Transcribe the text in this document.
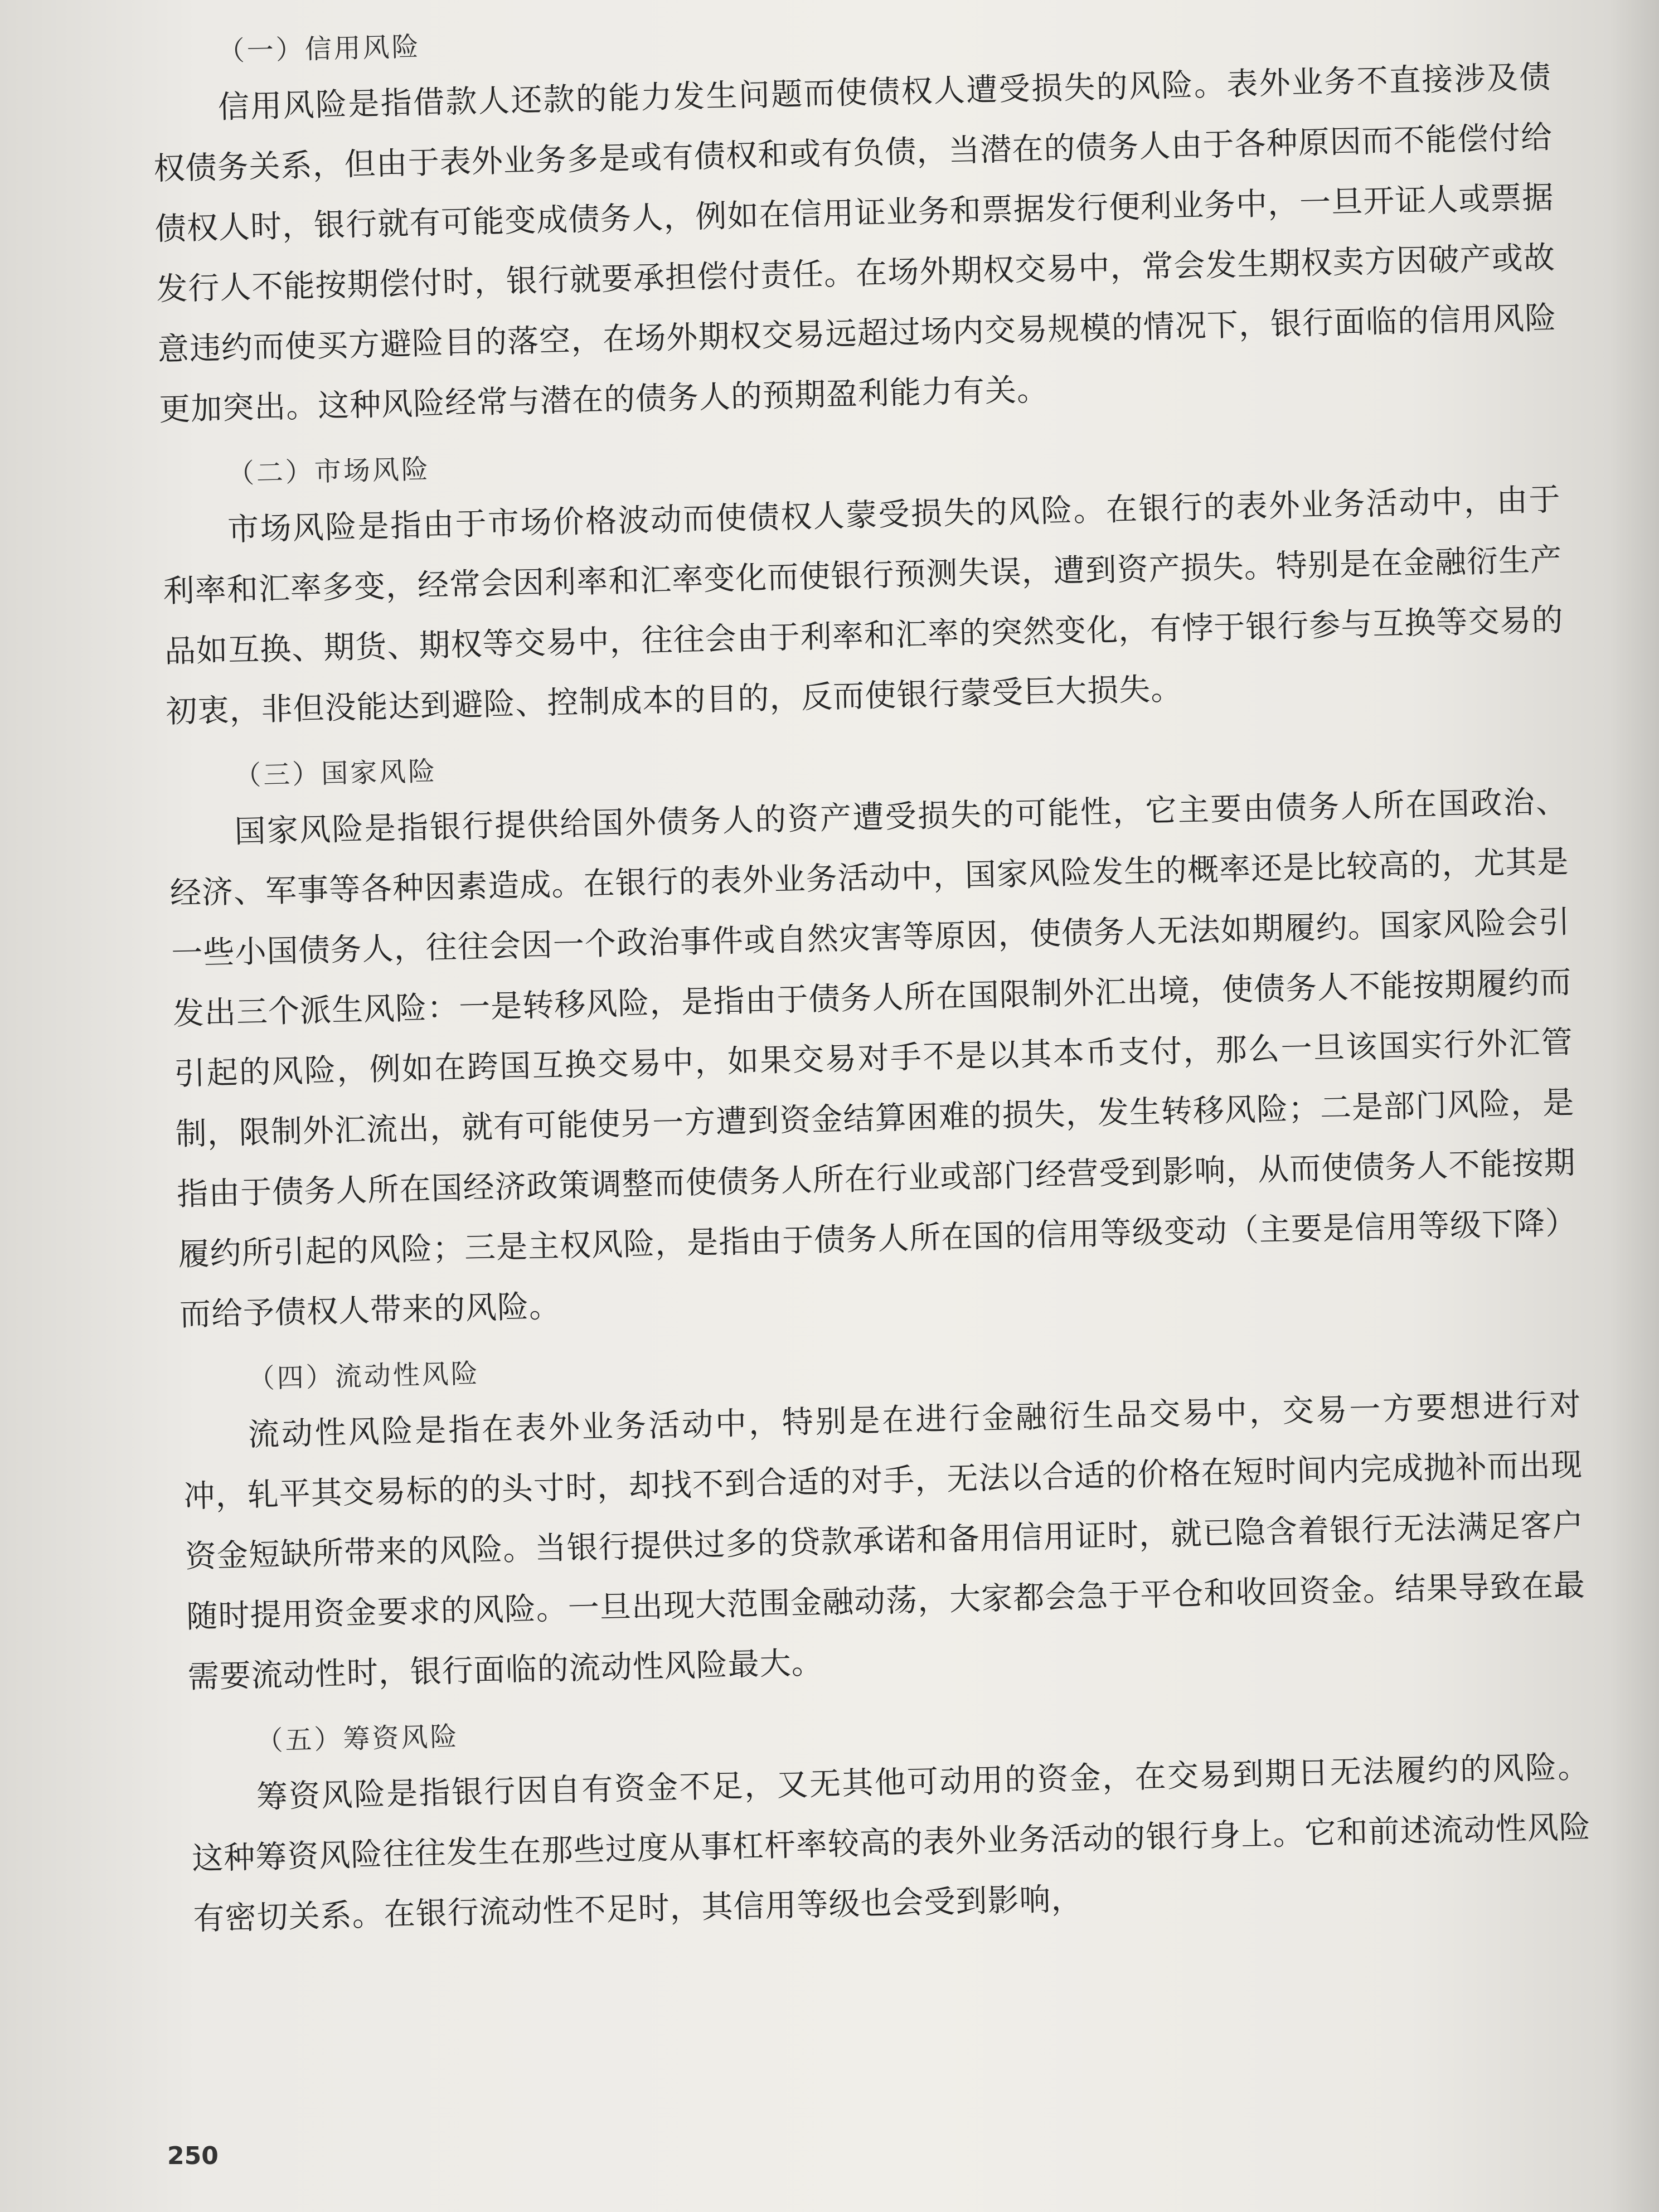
（一）信用风险

信用风险是指借款人还款的能力发生问题而使债权人遭受损失的风险。表外业务不直接涉及债权债务关系，但由于表外业务多是或有债权和或有负债，当潜在的债务人由于各种原因而不能偿付给债权人时，银行就有可能变成债务人，例如在信用证业务和票据发行便利业务中，一旦开证人或票据发行人不能按期偿付时，银行就要承担偿付责任。在场外期权交易中，常会发生期权卖方因破产或故意违约而使买方避险目的落空，在场外期权交易远超过场内交易规模的情况下，银行面临的信用风险更加突出。这种风险经常与潜在的债务人的预期盈利能力有关。

（二）市场风险

市场风险是指由于市场价格波动而使债权人蒙受损失的风险。在银行的表外业务活动中，由于利率和汇率多变，经常会因利率和汇率变化而使银行预测失误，遭到资产损失。特别是在金融衍生产品如互换、期货、期权等交易中，往往会由于利率和汇率的突然变化，有悖于银行参与互换等交易的初衷，非但没能达到避险、控制成本的目的，反而使银行蒙受巨大损失。

（三）国家风险

国家风险是指银行提供给国外债务人的资产遭受损失的可能性，它主要由债务人所在国政治、经济、军事等各种因素造成。在银行的表外业务活动中，国家风险发生的概率还是比较高的，尤其是一些小国债务人，往往会因一个政治事件或自然灾害等原因，使债务人无法如期履约。国家风险会引发出三个派生风险：一是转移风险，是指由于债务人所在国限制外汇出境，使债务人不能按期履约而引起的风险，例如在跨国互换交易中，如果交易对手不是以其本币支付，那么一旦该国实行外汇管制，限制外汇流出，就有可能使另一方遭到资金结算困难的损失，发生转移风险；二是部门风险，是指由于债务人所在国经济政策调整而使债务人所在行业或部门经营受到影响，从而使债务人不能按期履约所引起的风险；三是主权风险，是指由于债务人所在国的信用等级变动（主要是信用等级下降）而给予债权人带来的风险。

（四）流动性风险

流动性风险是指在表外业务活动中，特别是在进行金融衍生品交易中，交易一方要想进行对冲，轧平其交易标的的头寸时，却找不到合适的对手，无法以合适的价格在短时间内完成抛补而出现资金短缺所带来的风险。当银行提供过多的贷款承诺和备用信用证时，就已隐含着银行无法满足客户随时提用资金要求的风险。一旦出现大范围金融动荡，大家都会急于平仓和收回资金。结果导致在最需要流动性时，银行面临的流动性风险最大。

（五）筹资风险

筹资风险是指银行因自有资金不足，又无其他可动用的资金，在交易到期日无法履约的风险。这种筹资风险往往发生在那些过度从事杠杆率较高的表外业务活动的银行身上。它和前述流动性风险有密切关系。在银行流动性不足时，其信用等级也会受到影响，

250
